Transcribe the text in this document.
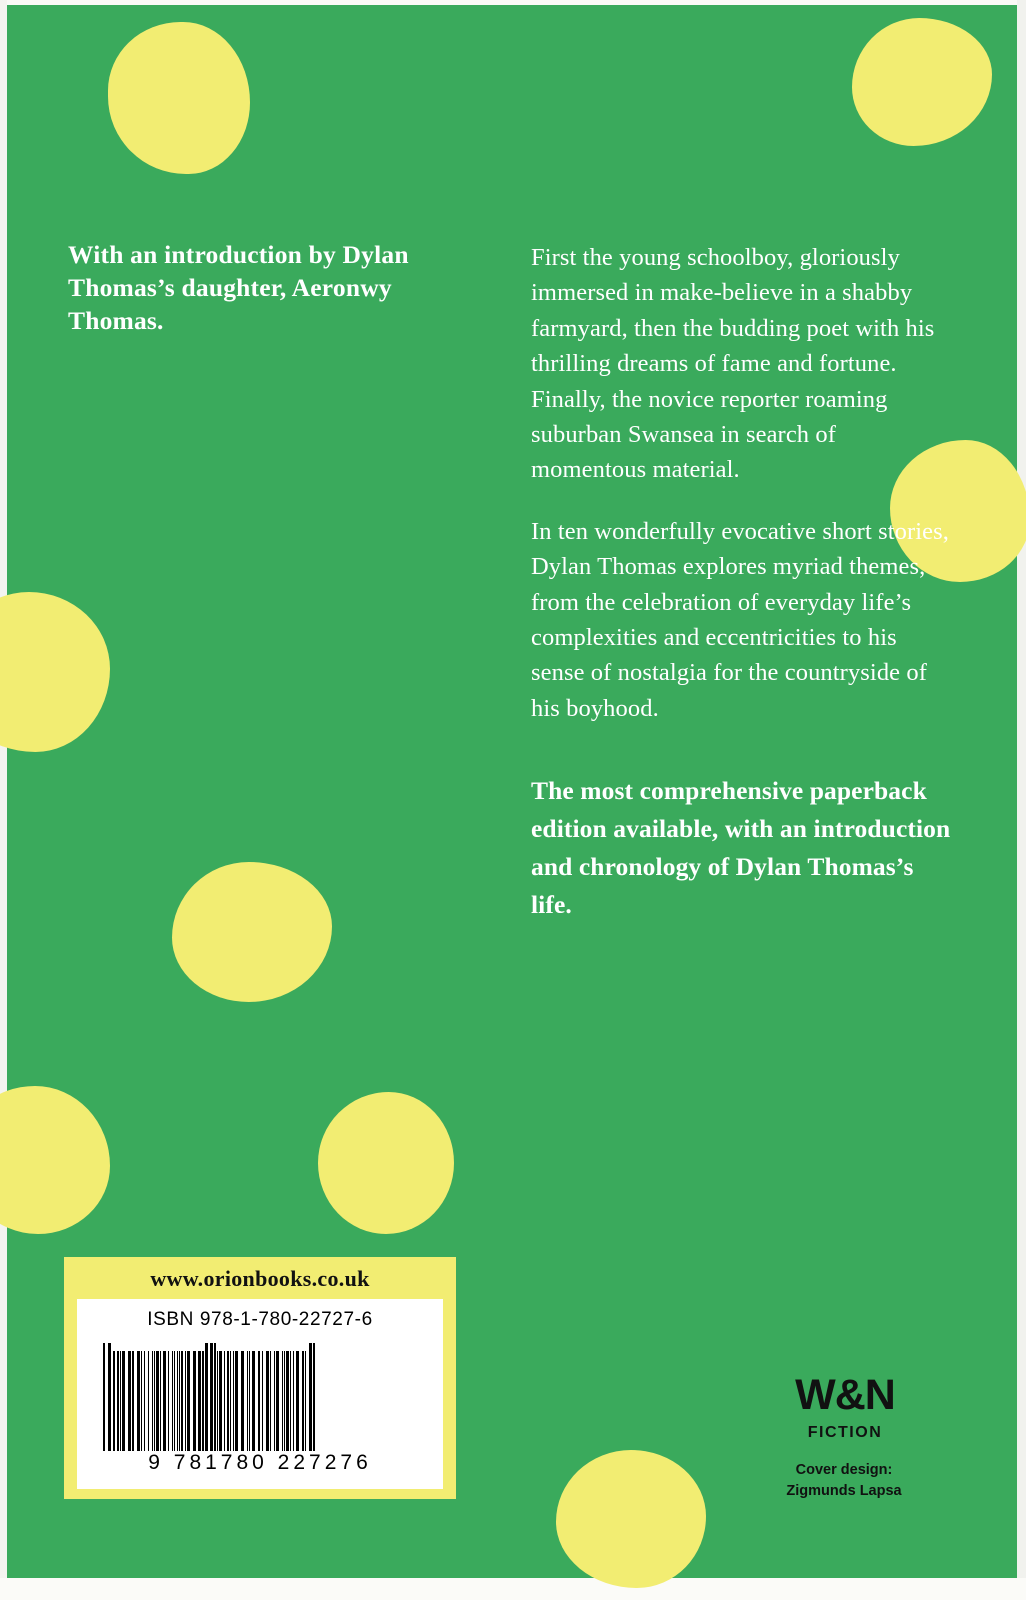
With an introduction by Dylan Thomas’s daughter, Aeronwy Thomas.

First the young schoolboy, gloriously immersed in make-believe in a shabby farmyard, then the budding poet with his thrilling dreams of fame and fortune. Finally, the novice reporter roaming suburban Swansea in search of momentous material.

In ten wonderfully evocative short stories, Dylan Thomas explores myriad themes, from the celebration of everyday life’s complexities and eccentricities to his sense of nostalgia for the countryside of his boyhood.

The most comprehensive paperback edition available, with an introduction and chronology of Dylan Thomas’s life.

www.orionbooks.co.uk
ISBN 978-1-780-22727-6
9 781780 227276
W&N
FICTION
Cover design:
Zigmunds Lapsa
